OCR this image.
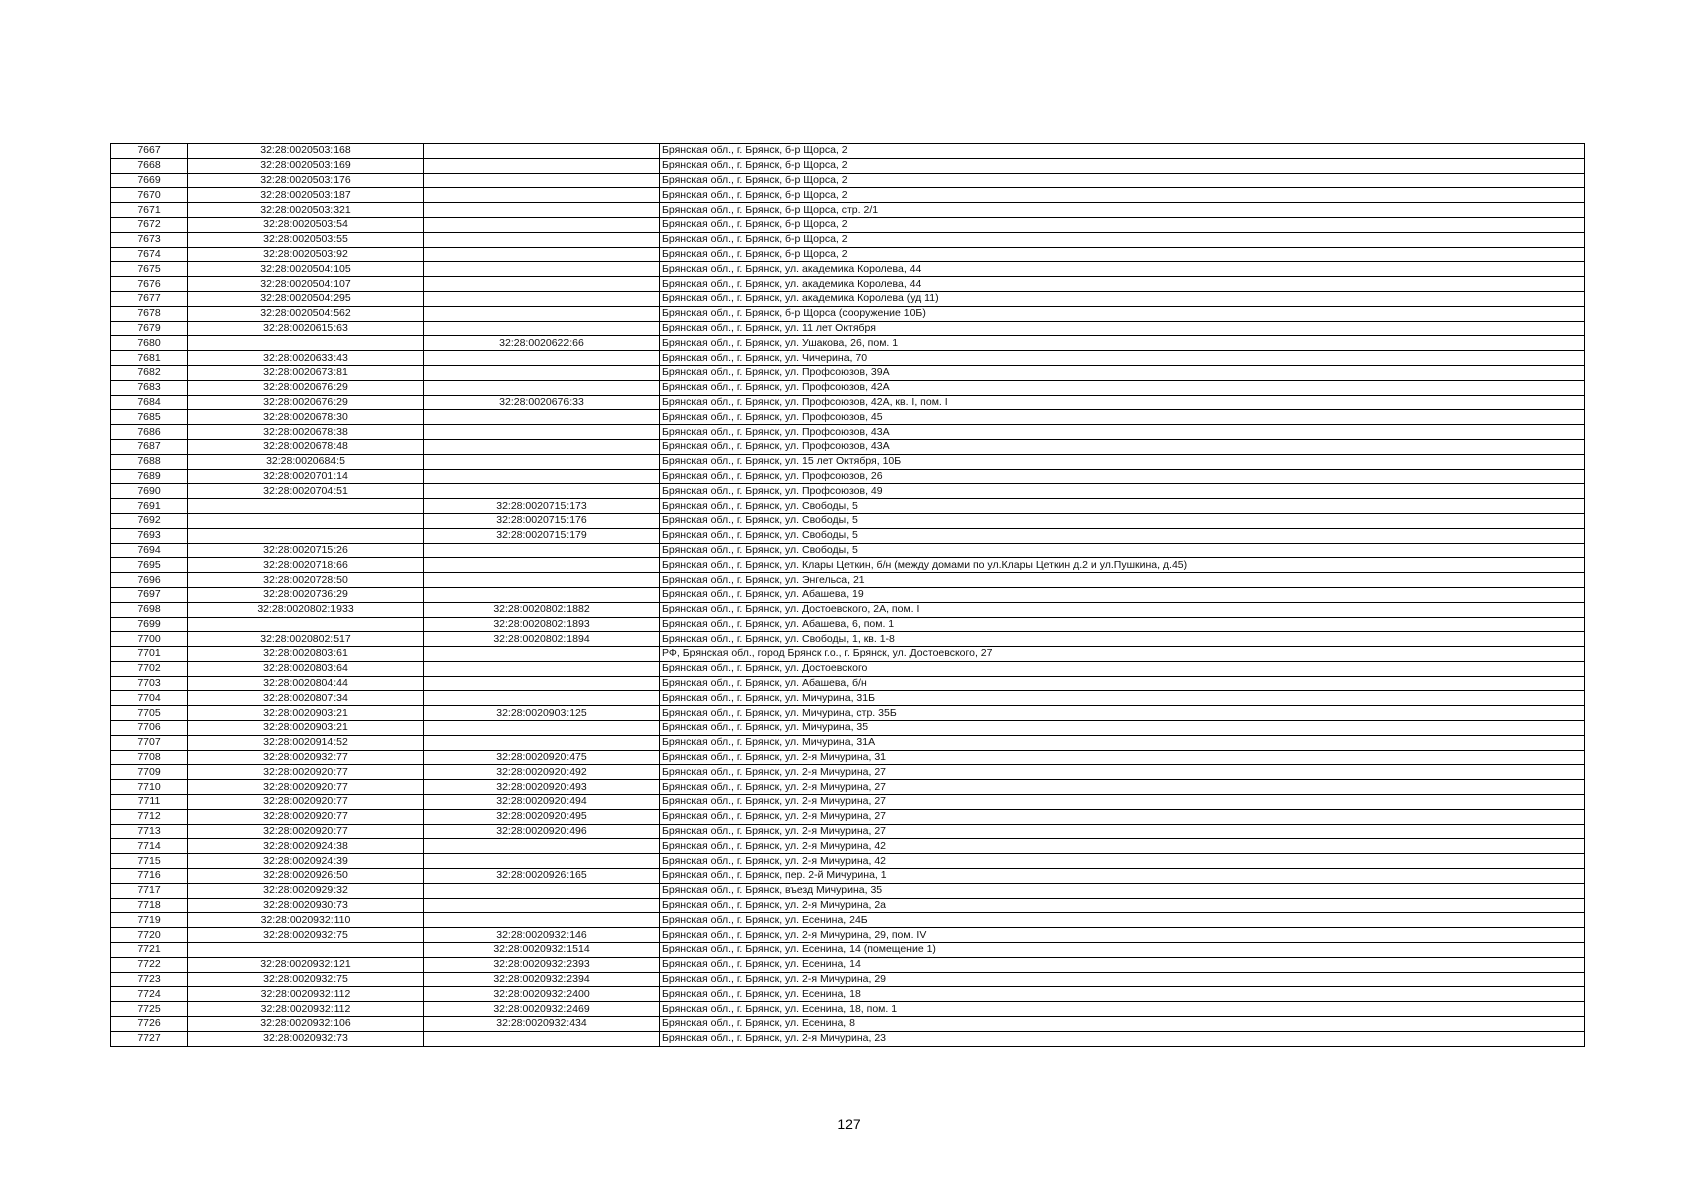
7667	32:28:0020503:168		Брянская обл., г. Брянск, б-р Щорса, 2
7668	32:28:0020503:169		Брянская обл., г. Брянск, б-р Щорса, 2
7669	32:28:0020503:176		Брянская обл., г. Брянск, б-р Щорса, 2
7670	32:28:0020503:187		Брянская обл., г. Брянск, б-р Щорса, 2
7671	32:28:0020503:321		Брянская обл., г. Брянск, б-р Щорса, стр. 2/1
7672	32:28:0020503:54		Брянская обл., г. Брянск, б-р Щорса, 2
7673	32:28:0020503:55		Брянская обл., г. Брянск, б-р Щорса, 2
7674	32:28:0020503:92		Брянская обл., г. Брянск, б-р Щорса, 2
7675	32:28:0020504:105		Брянская обл., г. Брянск, ул. академика Королева, 44
7676	32:28:0020504:107		Брянская обл., г. Брянск, ул. академика Королева, 44
7677	32:28:0020504:295		Брянская обл., г. Брянск, ул. академика Королева (уд 11)
7678	32:28:0020504:562		Брянская обл., г. Брянск, б-р Щорса (сооружение 10Б)
7679	32:28:0020615:63		Брянская обл., г. Брянск, ул. 11 лет Октября
7680		32:28:0020622:66	Брянская обл., г. Брянск, ул. Ушакова, 26, пом. 1
7681	32:28:0020633:43		Брянская обл., г. Брянск, ул. Чичерина, 70
7682	32:28:0020673:81		Брянская обл., г. Брянск, ул. Профсоюзов, 39А
7683	32:28:0020676:29		Брянская обл., г. Брянск, ул. Профсоюзов, 42А
7684	32:28:0020676:29	32:28:0020676:33	Брянская обл., г. Брянск, ул. Профсоюзов, 42А, кв. I, пом. I
7685	32:28:0020678:30		Брянская обл., г. Брянск, ул. Профсоюзов, 45
7686	32:28:0020678:38		Брянская обл., г. Брянск, ул. Профсоюзов, 43А
7687	32:28:0020678:48		Брянская обл., г. Брянск, ул. Профсоюзов, 43А
7688	32:28:0020684:5		Брянская обл., г. Брянск, ул. 15 лет Октября, 10Б
7689	32:28:0020701:14		Брянская обл., г. Брянск, ул. Профсоюзов, 26
7690	32:28:0020704:51		Брянская обл., г. Брянск, ул. Профсоюзов, 49
7691		32:28:0020715:173	Брянская обл., г. Брянск, ул. Свободы, 5
7692		32:28:0020715:176	Брянская обл., г. Брянск, ул. Свободы, 5
7693		32:28:0020715:179	Брянская обл., г. Брянск, ул. Свободы, 5
7694	32:28:0020715:26		Брянская обл., г. Брянск, ул. Свободы, 5
7695	32:28:0020718:66		Брянская обл., г. Брянск, ул. Клары Цеткин, б/н (между домами по ул.Клары Цеткин д.2 и ул.Пушкина, д.45)
7696	32:28:0020728:50		Брянская обл., г. Брянск, ул. Энгельса, 21
7697	32:28:0020736:29		Брянская обл., г. Брянск, ул. Абашева, 19
7698	32:28:0020802:1933	32:28:0020802:1882	Брянская обл., г. Брянск, ул. Достоевского, 2А, пом. I
7699		32:28:0020802:1893	Брянская обл., г. Брянск, ул. Абашева, 6, пом. 1
7700	32:28:0020802:517	32:28:0020802:1894	Брянская обл., г. Брянск, ул. Свободы, 1, кв. 1-8
7701	32:28:0020803:61		РФ, Брянская обл., город Брянск г.о., г. Брянск, ул. Достоевского, 27
7702	32:28:0020803:64		Брянская обл., г. Брянск, ул. Достоевского
7703	32:28:0020804:44		Брянская обл., г. Брянск, ул. Абашева, б/н
7704	32:28:0020807:34		Брянская обл., г. Брянск, ул. Мичурина, 31Б
7705	32:28:0020903:21	32:28:0020903:125	Брянская обл., г. Брянск, ул. Мичурина, стр. 35Б
7706	32:28:0020903:21		Брянская обл., г. Брянск, ул. Мичурина, 35
7707	32:28:0020914:52		Брянская обл., г. Брянск, ул. Мичурина, 31А
7708	32:28:0020932:77	32:28:0020920:475	Брянская обл., г. Брянск, ул. 2-я Мичурина, 31
7709	32:28:0020920:77	32:28:0020920:492	Брянская обл., г. Брянск, ул. 2-я Мичурина, 27
7710	32:28:0020920:77	32:28:0020920:493	Брянская обл., г. Брянск, ул. 2-я Мичурина, 27
7711	32:28:0020920:77	32:28:0020920:494	Брянская обл., г. Брянск, ул. 2-я Мичурина, 27
7712	32:28:0020920:77	32:28:0020920:495	Брянская обл., г. Брянск, ул. 2-я Мичурина, 27
7713	32:28:0020920:77	32:28:0020920:496	Брянская обл., г. Брянск, ул. 2-я Мичурина, 27
7714	32:28:0020924:38		Брянская обл., г. Брянск, ул. 2-я Мичурина, 42
7715	32:28:0020924:39		Брянская обл., г. Брянск, ул. 2-я Мичурина, 42
7716	32:28:0020926:50	32:28:0020926:165	Брянская обл., г. Брянск, пер. 2-й Мичурина, 1
7717	32:28:0020929:32		Брянская обл., г. Брянск, въезд Мичурина, 35
7718	32:28:0020930:73		Брянская обл., г. Брянск, ул. 2-я Мичурина, 2а
7719	32:28:0020932:110		Брянская обл., г. Брянск, ул. Есенина, 24Б
7720	32:28:0020932:75	32:28:0020932:146	Брянская обл., г. Брянск, ул. 2-я Мичурина, 29, пом. IV
7721		32:28:0020932:1514	Брянская обл., г. Брянск, ул. Есенина, 14 (помещение 1)
7722	32:28:0020932:121	32:28:0020932:2393	Брянская обл., г. Брянск, ул. Есенина, 14
7723	32:28:0020932:75	32:28:0020932:2394	Брянская обл., г. Брянск, ул. 2-я Мичурина, 29
7724	32:28:0020932:112	32:28:0020932:2400	Брянская обл., г. Брянск, ул. Есенина, 18
7725	32:28:0020932:112	32:28:0020932:2469	Брянская обл., г. Брянск, ул. Есенина, 18, пом. 1
7726	32:28:0020932:106	32:28:0020932:434	Брянская обл., г. Брянск, ул. Есенина, 8
7727	32:28:0020932:73		Брянская обл., г. Брянск, ул. 2-я Мичурина, 23
127
